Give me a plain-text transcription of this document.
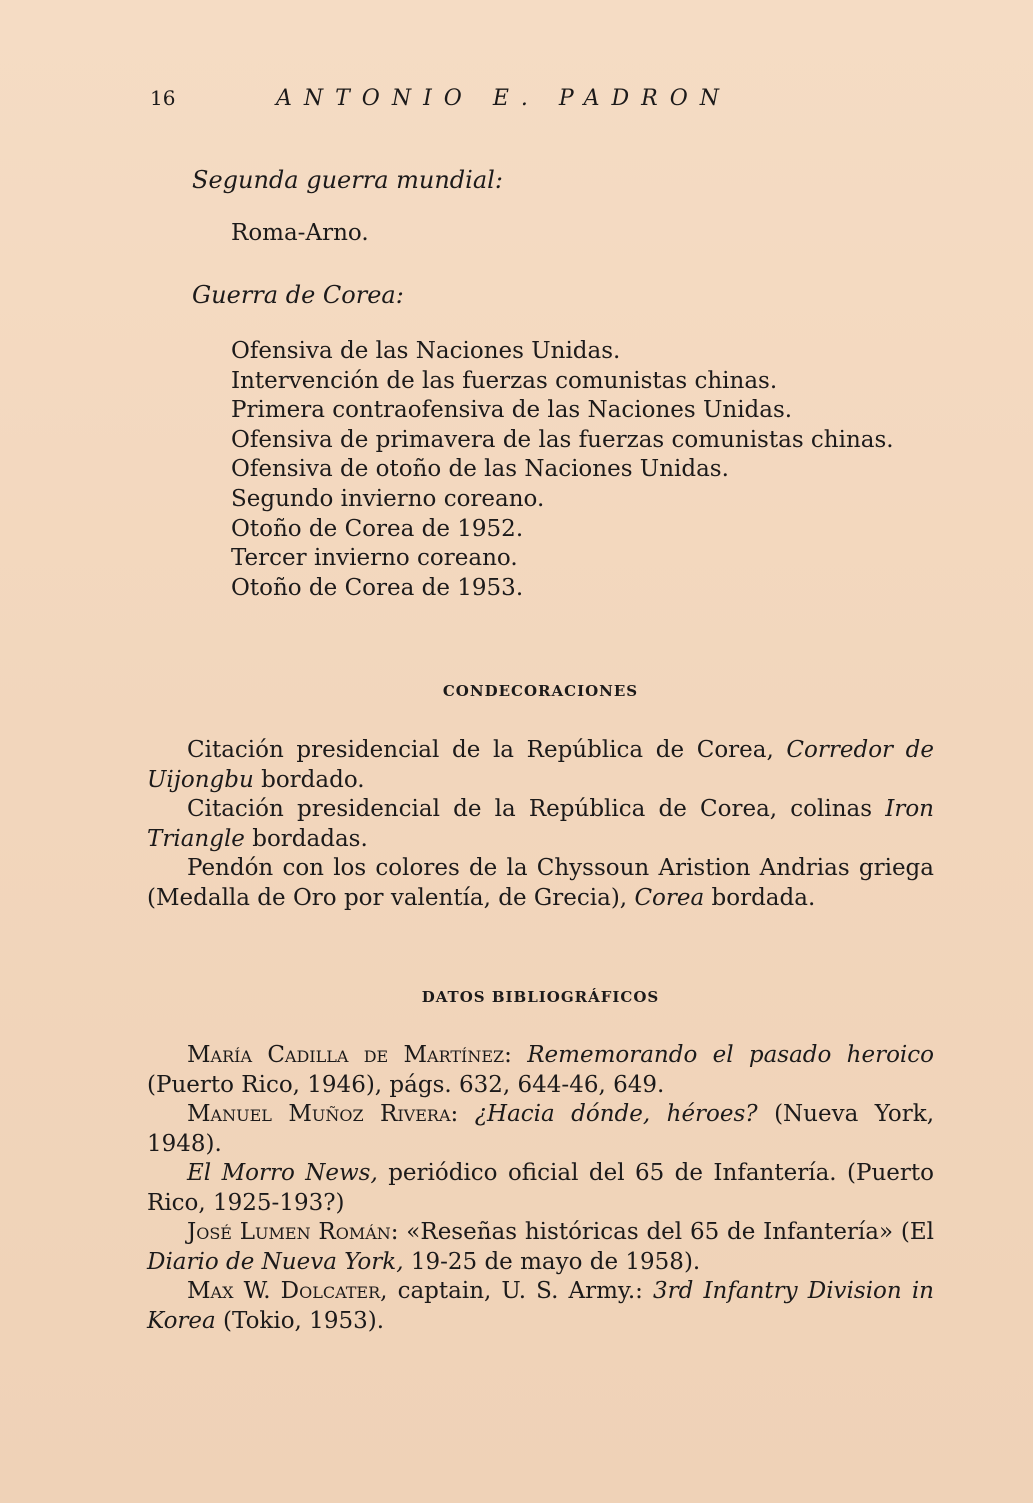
16	ANTONIO E. PADRON

Segunda guerra mundial:

Roma-Arno.

Guerra de Corea:

Ofensiva de las Naciones Unidas.
Intervención de las fuerzas comunistas chinas.
Primera contraofensiva de las Naciones Unidas.
Ofensiva de primavera de las fuerzas comunistas chinas.
Ofensiva de otoño de las Naciones Unidas.
Segundo invierno coreano.
Otoño de Corea de 1952.
Tercer invierno coreano.
Otoño de Corea de 1953.
CONDECORACIONES

Citación presidencial de la República de Corea, Corredor de Uijongbu bordado.

Citación presidencial de la República de Corea, colinas Iron Triangle bordadas.

Pendón con los colores de la Chyssoun Aristion Andrias griega (Medalla de Oro por valentía, de Grecia), Corea bordada.

DATOS BIBLIOGRÁFICOS

María Cadilla de Martínez: Rememorando el pasado heroico (Puerto Rico, 1946), págs. 632, 644-46, 649.

Manuel Muñoz Rivera: ¿Hacia dónde, héroes? (Nueva York, 1948).

El Morro News, periódico oficial del 65 de Infantería. (Puerto Rico, 1925-193?)

José Lumen Román: «Reseñas históricas del 65 de Infantería» (El Diario de Nueva York, 19-25 de mayo de 1958).

Max W. Dolcater, captain, U. S. Army.: 3rd Infantry Division in Korea (Tokio, 1953).
